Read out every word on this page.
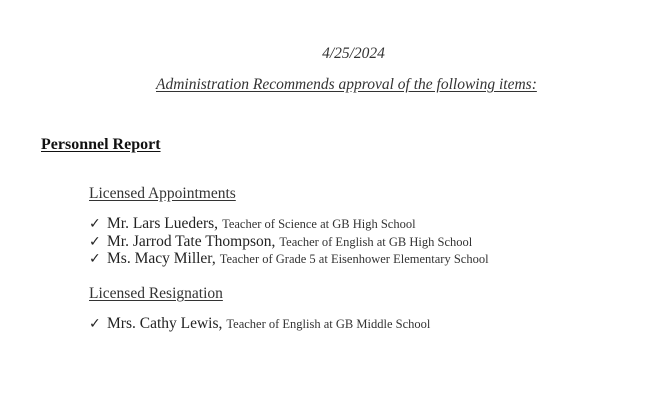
4/25/2024
Administration Recommends approval of the following items:
Personnel Report
Licensed Appointments
✓ Mr. Lars Lueders, Teacher of Science at GB High School
✓ Mr. Jarrod Tate Thompson, Teacher of English at GB High School
✓ Ms. Macy Miller, Teacher of Grade 5 at Eisenhower Elementary School
Licensed Resignation
✓ Mrs. Cathy Lewis, Teacher of English at GB Middle School
